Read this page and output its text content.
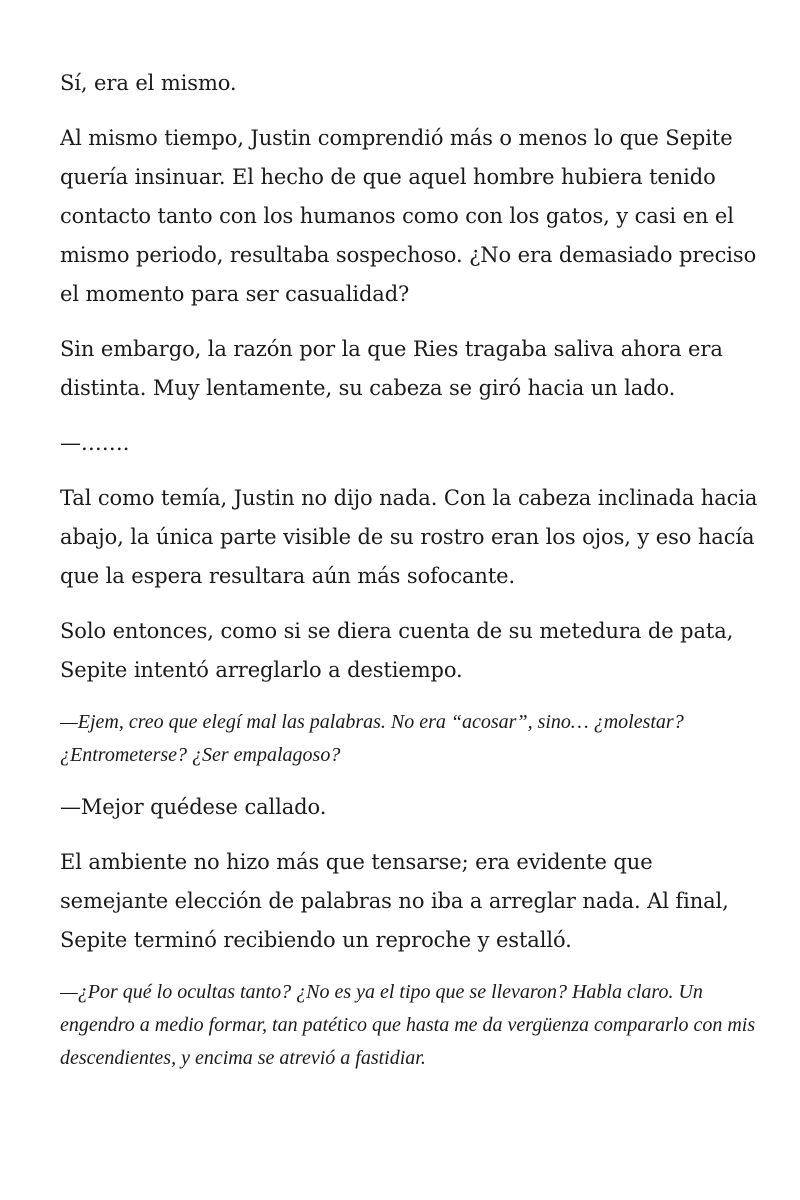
Sí, era el mismo.

Al mismo tiempo, Justin comprendió más o menos lo que Sepite quería insinuar. El hecho de que aquel hombre hubiera tenido contacto tanto con los humanos como con los gatos, y casi en el mismo periodo, resultaba sospechoso. ¿No era demasiado preciso el momento para ser casualidad?

Sin embargo, la razón por la que Ries tragaba saliva ahora era distinta. Muy lentamente, su cabeza se giró hacia un lado.

—…….

Tal como temía, Justin no dijo nada. Con la cabeza inclinada hacia abajo, la única parte visible de su rostro eran los ojos, y eso hacía que la espera resultara aún más sofocante.

Solo entonces, como si se diera cuenta de su metedura de pata, Sepite intentó arreglarlo a destiempo.

—Ejem, creo que elegí mal las palabras. No era “acosar”, sino… ¿molestar? ¿Entrometerse? ¿Ser empalagoso?

—Mejor quédese callado.

El ambiente no hizo más que tensarse; era evidente que semejante elección de palabras no iba a arreglar nada. Al final, Sepite terminó recibiendo un reproche y estalló.

—¿Por qué lo ocultas tanto? ¿No es ya el tipo que se llevaron? Habla claro. Un engendro a medio formar, tan patético que hasta me da vergüenza compararlo con mis descendientes, y encima se atrevió a fastidiar.
